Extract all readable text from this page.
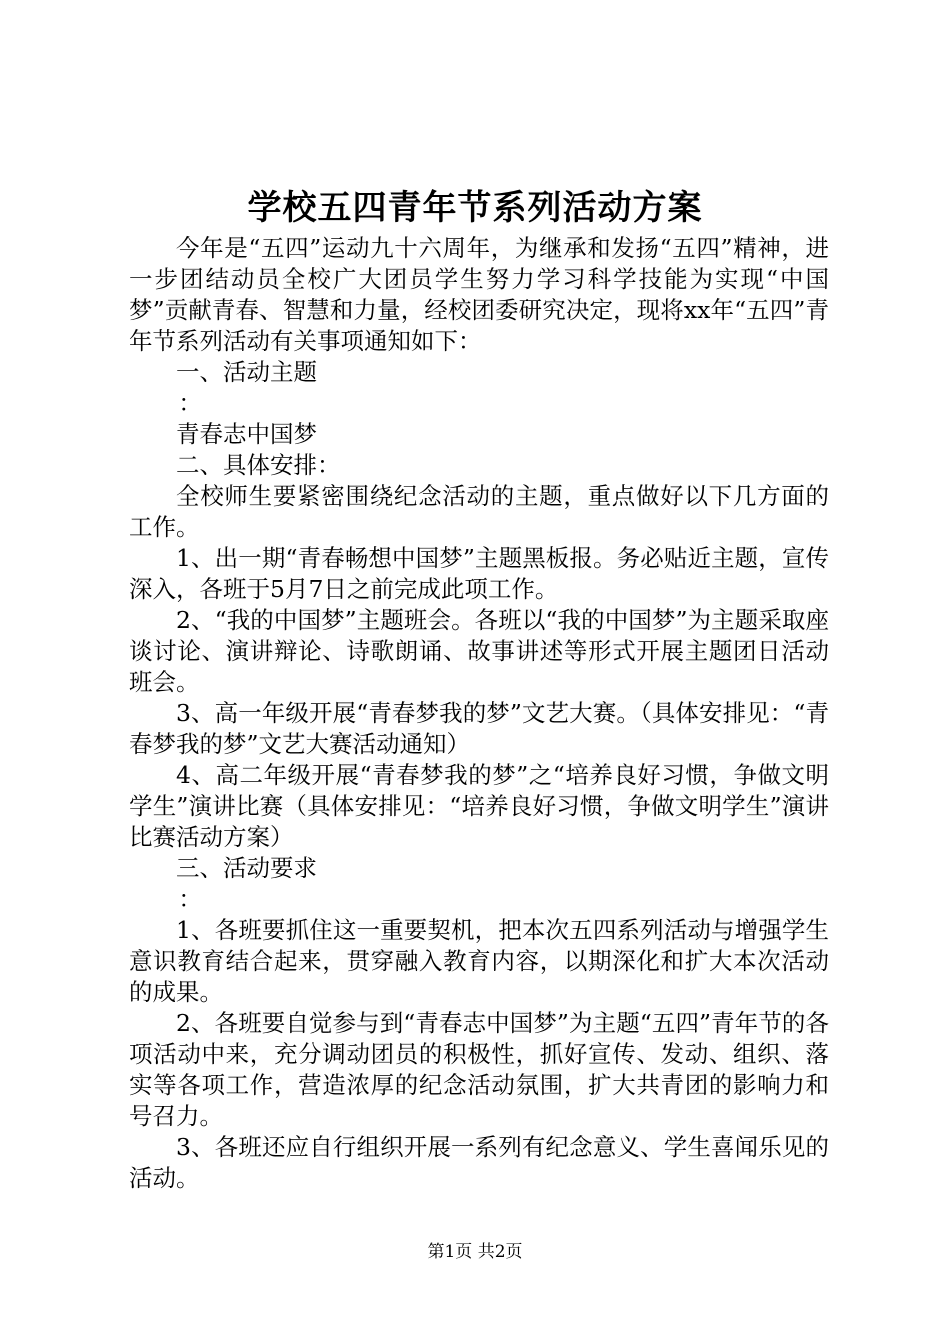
学校五四青年节系列活动方案

今年是“五四”运动九十六周年，为继承和发扬“五四”精神，进一步团结动员全校广大团员学生努力学习科学技能为实现“中国梦”贡献青春、智慧和力量，经校团委研究决定，现将xx年“五四”青年节系列活动有关事项通知如下：

一、活动主题

：

青春志中国梦

二、具体安排：

全校师生要紧密围绕纪念活动的主题，重点做好以下几方面的工作。

1、出一期“青春畅想中国梦”主题黑板报。务必贴近主题，宣传深入，各班于5月7日之前完成此项工作。

2、“我的中国梦”主题班会。各班以“我的中国梦”为主题采取座谈讨论、演讲辩论、诗歌朗诵、故事讲述等形式开展主题团日活动班会。

3、高一年级开展“青春梦我的梦”文艺大赛。（具体安排见：“青春梦我的梦”文艺大赛活动通知）

4、高二年级开展“青春梦我的梦”之“培养良好习惯，争做文明学生”演讲比赛（具体安排见：“培养良好习惯，争做文明学生”演讲比赛活动方案）

三、活动要求

：

1、各班要抓住这一重要契机，把本次五四系列活动与增强学生意识教育结合起来，贯穿融入教育内容，以期深化和扩大本次活动的成果。

2、各班要自觉参与到“青春志中国梦”为主题“五四”青年节的各项活动中来，充分调动团员的积极性，抓好宣传、发动、组织、落实等各项工作，营造浓厚的纪念活动氛围，扩大共青团的影响力和号召力。

3、各班还应自行组织开展一系列有纪念意义、学生喜闻乐见的活动。

第1页 共2页
